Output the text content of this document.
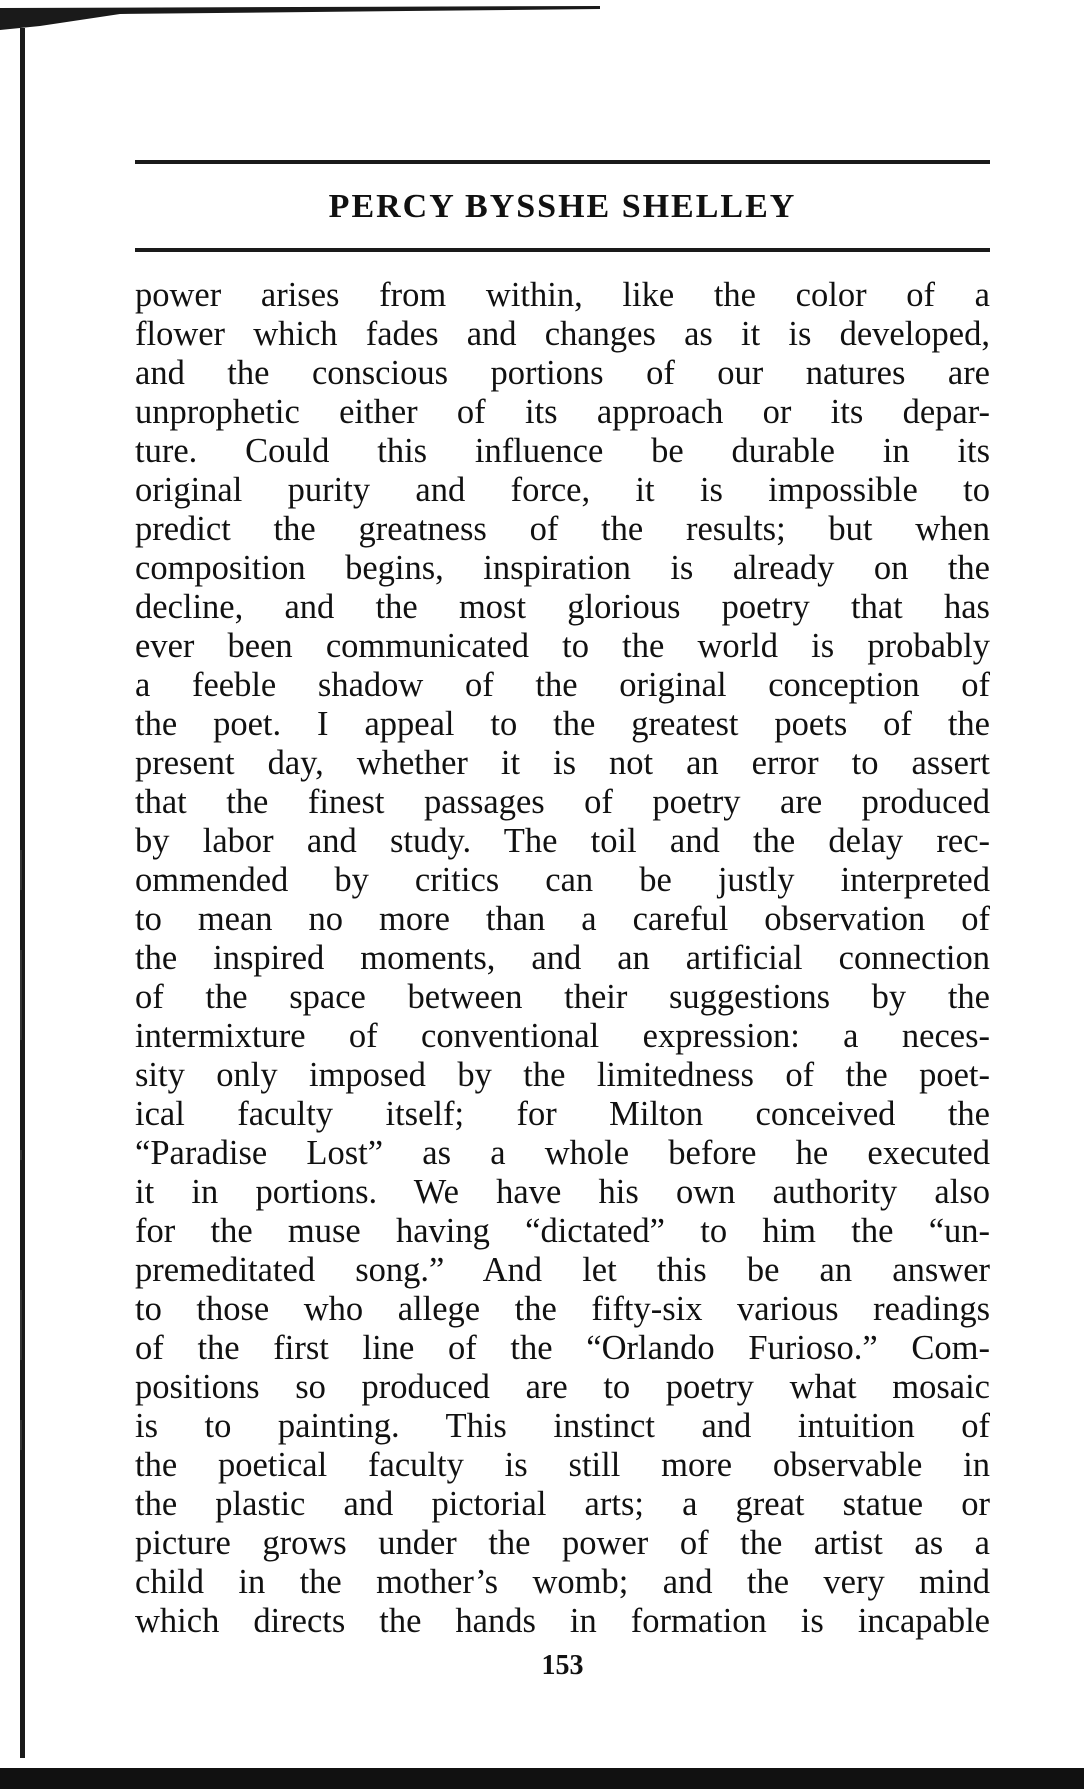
PERCY BYSSHE SHELLEY
power arises from within, like the color of a
flower which fades and changes as it is developed,
and the conscious portions of our natures are
unprophetic either of its approach or its depar-
ture. Could this influence be durable in its
original purity and force, it is impossible to
predict the greatness of the results; but when
composition begins, inspiration is already on the
decline, and the most glorious poetry that has
ever been communicated to the world is probably
a feeble shadow of the original conception of
the poet. I appeal to the greatest poets of the
present day, whether it is not an error to assert
that the finest passages of poetry are produced
by labor and study. The toil and the delay rec-
ommended by critics can be justly interpreted
to mean no more than a careful observation of
the inspired moments, and an artificial connection
of the space between their suggestions by the
intermixture of conventional expression: a neces-
sity only imposed by the limitedness of the poet-
ical faculty itself; for Milton conceived the
“Paradise Lost” as a whole before he executed
it in portions. We have his own authority also
for the muse having “dictated” to him the “un-
premeditated song.” And let this be an answer
to those who allege the fifty-six various readings
of the first line of the “Orlando Furioso.” Com-
positions so produced are to poetry what mosaic
is to painting. This instinct and intuition of
the poetical faculty is still more observable in
the plastic and pictorial arts; a great statue or
picture grows under the power of the artist as a
child in the mother’s womb; and the very mind
which directs the hands in formation is incapable
153
